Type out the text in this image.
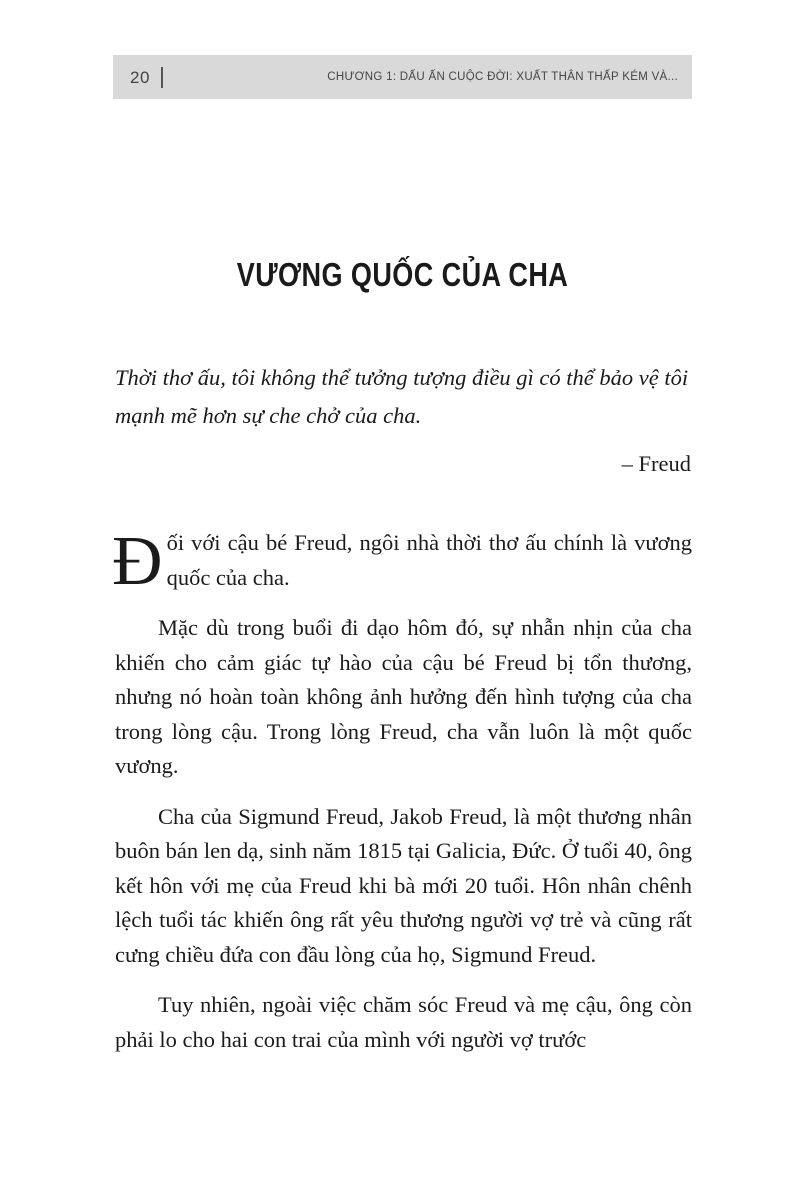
20	CHƯƠNG 1: DẤU ẤN CUỘC ĐỜI: XUẤT THÂN THẤP KÉM VÀ...
VƯƠNG QUỐC CỦA CHA

Thời thơ ấu, tôi không thể tưởng tượng điều gì có thể bảo vệ tôi mạnh mẽ hơn sự che chở của cha.

– Freud

Đối với cậu bé Freud, ngôi nhà thời thơ ấu chính là vương quốc của cha.

Mặc dù trong buổi đi dạo hôm đó, sự nhẫn nhịn của cha khiến cho cảm giác tự hào của cậu bé Freud bị tổn thương, nhưng nó hoàn toàn không ảnh hưởng đến hình tượng của cha trong lòng cậu. Trong lòng Freud, cha vẫn luôn là một quốc vương.

Cha của Sigmund Freud, Jakob Freud, là một thương nhân buôn bán len dạ, sinh năm 1815 tại Galicia, Đức. Ở tuổi 40, ông kết hôn với mẹ của Freud khi bà mới 20 tuổi. Hôn nhân chênh lệch tuổi tác khiến ông rất yêu thương người vợ trẻ và cũng rất cưng chiều đứa con đầu lòng của họ, Sigmund Freud.

Tuy nhiên, ngoài việc chăm sóc Freud và mẹ cậu, ông còn phải lo cho hai con trai của mình với người vợ trước
